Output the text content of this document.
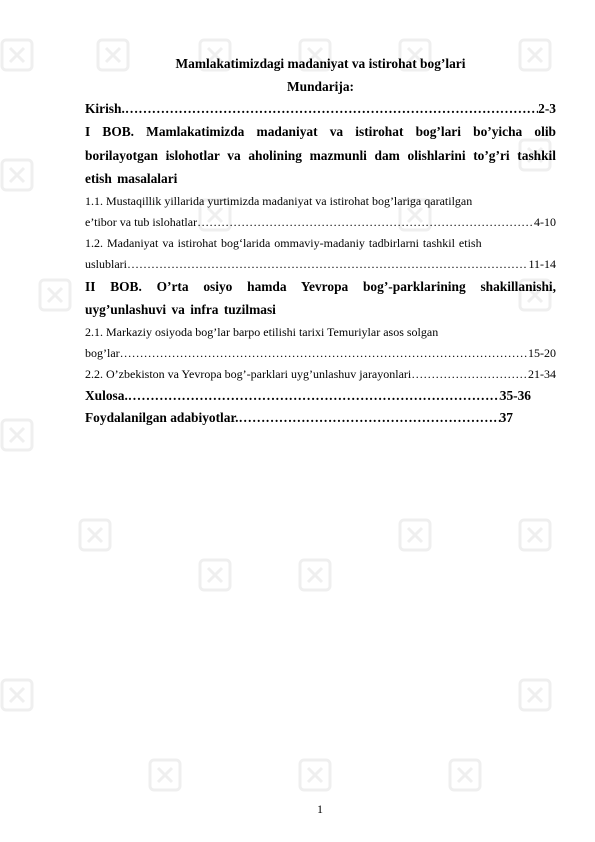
Mamlakatimizdagi madaniyat va istirohat bog’lari

Mundarija:

Kirish. ………………………………………………………………………………………………………………………………………	2-3

I BOB. Mamlakatimizda madaniyat va istirohat bog’lari bo’yicha olib borilayotgan islohotlar va aholining mazmunli dam olishlarini to’g’ri tashkil etish masalalari

1.1. Mustaqillik yillarida yurtimizda madaniyat va istirohat bog’lariga qaratilgan

e’tibor va tub islohatlar ………………………………………………………………………………………………………………………………………	4-10

1.2. Madaniyat va istirohat bog‘larida ommaviy-madaniy tadbirlarni tashkil etish

uslublari ………………………………………………………………………………………………………………………………………	11-14

II BOB. O’rta osiyo hamda Yevropa bog’-parklarining shakillanishi, uyg’unlashuvi va infra tuzilmasi

2.1. Markaziy osiyoda bog’lar barpo etilishi tarixi Temuriylar asos solgan

bog’lar ………………………………………………………………………………………………………………………………………	15-20
2.2. O’zbekiston va Yevropa bog’-parklari uyg’unlashuv jarayonlari ………………………………………………………………………………………………………………………………………	21-34
Xulosa. ………………………………………………………………………………………………………………………………………	35-36
Foydalanilgan adabiyotlar. ………………………………………………………………………………………………………………………………………	37
1
